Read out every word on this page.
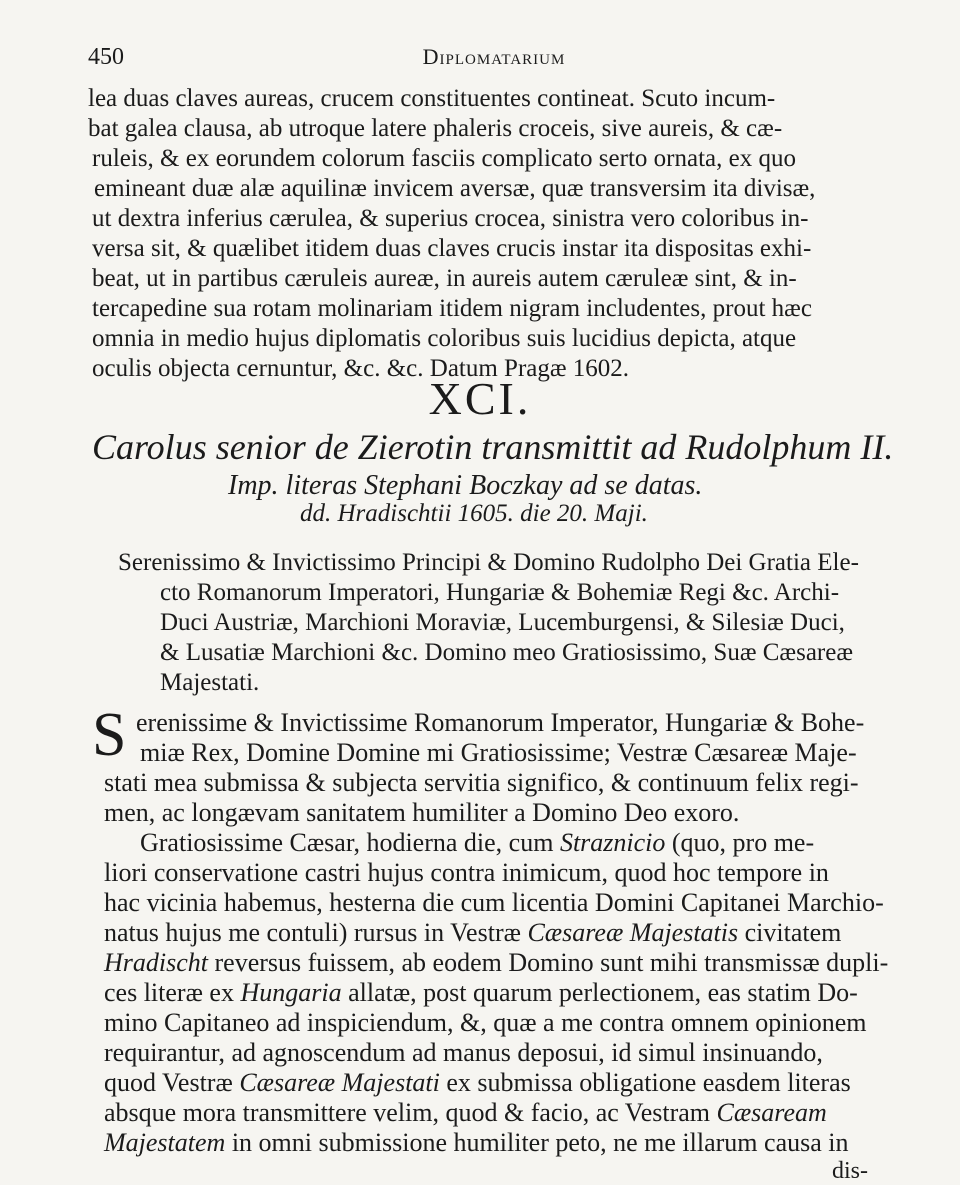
450	Diplomatarium
lea duas claves aureas, crucem constituentes contineat. Scuto incum-
bat galea clausa, ab utroque latere phaleris croceis, sive aureis, & cæ-
ruleis, & ex eorundem colorum fasciis complicato serto ornata, ex quo
emineant duæ alæ aquilinæ invicem aversæ, quæ transversim ita divisæ,
ut dextra inferius cærulea, & superius crocea, sinistra vero coloribus in-
versa sit, & quælibet itidem duas claves crucis instar ita dispositas exhi-
beat, ut in partibus cæruleis aureæ, in aureis autem cæruleæ sint, & in-
tercapedine sua rotam molinariam itidem nigram includentes, prout hæc
omnia in medio hujus diplomatis coloribus suis lucidius depicta, atque
oculis objecta cernuntur, &c. &c. Datum Pragæ 1602.
XCI.
Carolus senior de Zierotin transmittit ad Rudolphum II.
Imp. literas Stephani Boczkay ad se datas.
dd. Hradischtii 1605. die 20. Maji.
Serenissimo & Invictissimo Principi & Domino Rudolpho Dei Gratia Ele-
cto Romanorum Imperatori, Hungariæ & Bohemiæ Regi &c. Archi-
Duci Austriæ, Marchioni Moraviæ, Lucemburgensi, & Silesiæ Duci,
& Lusatiæ Marchioni &c. Domino meo Gratiosissimo, Suæ Cæsareæ
Majestati.
S erenissime & Invictissime Romanorum Imperator, Hungariæ & Bohe-
miæ Rex, Domine Domine mi Gratiosissime; Vestræ Cæsareæ Maje-
stati mea submissa & subjecta servitia significo, & continuum felix regi-
men, ac longævam sanitatem humiliter a Domino Deo exoro.
Gratiosissime Cæsar, hodierna die, cum Straznicio (quo, pro me-
liori conservatione castri hujus contra inimicum, quod hoc tempore in
hac vicinia habemus, hesterna die cum licentia Domini Capitanei Marchio-
natus hujus me contuli) rursus in Vestræ Cæsareæ Majestatis civitatem
Hradischt reversus fuissem, ab eodem Domino sunt mihi transmissæ dupli-
ces literæ ex Hungaria allatæ, post quarum perlectionem, eas statim Do-
mino Capitaneo ad inspiciendum, &, quæ a me contra omnem opinionem
requirantur, ad agnoscendum ad manus deposui, id simul insinuando,
quod Vestræ Cæsareæ Majestati ex submissa obligatione easdem literas
absque mora transmittere velim, quod & facio, ac Vestram Cæsaream
Majestatem in omni submissione humiliter peto, ne me illarum causa in
dis-
